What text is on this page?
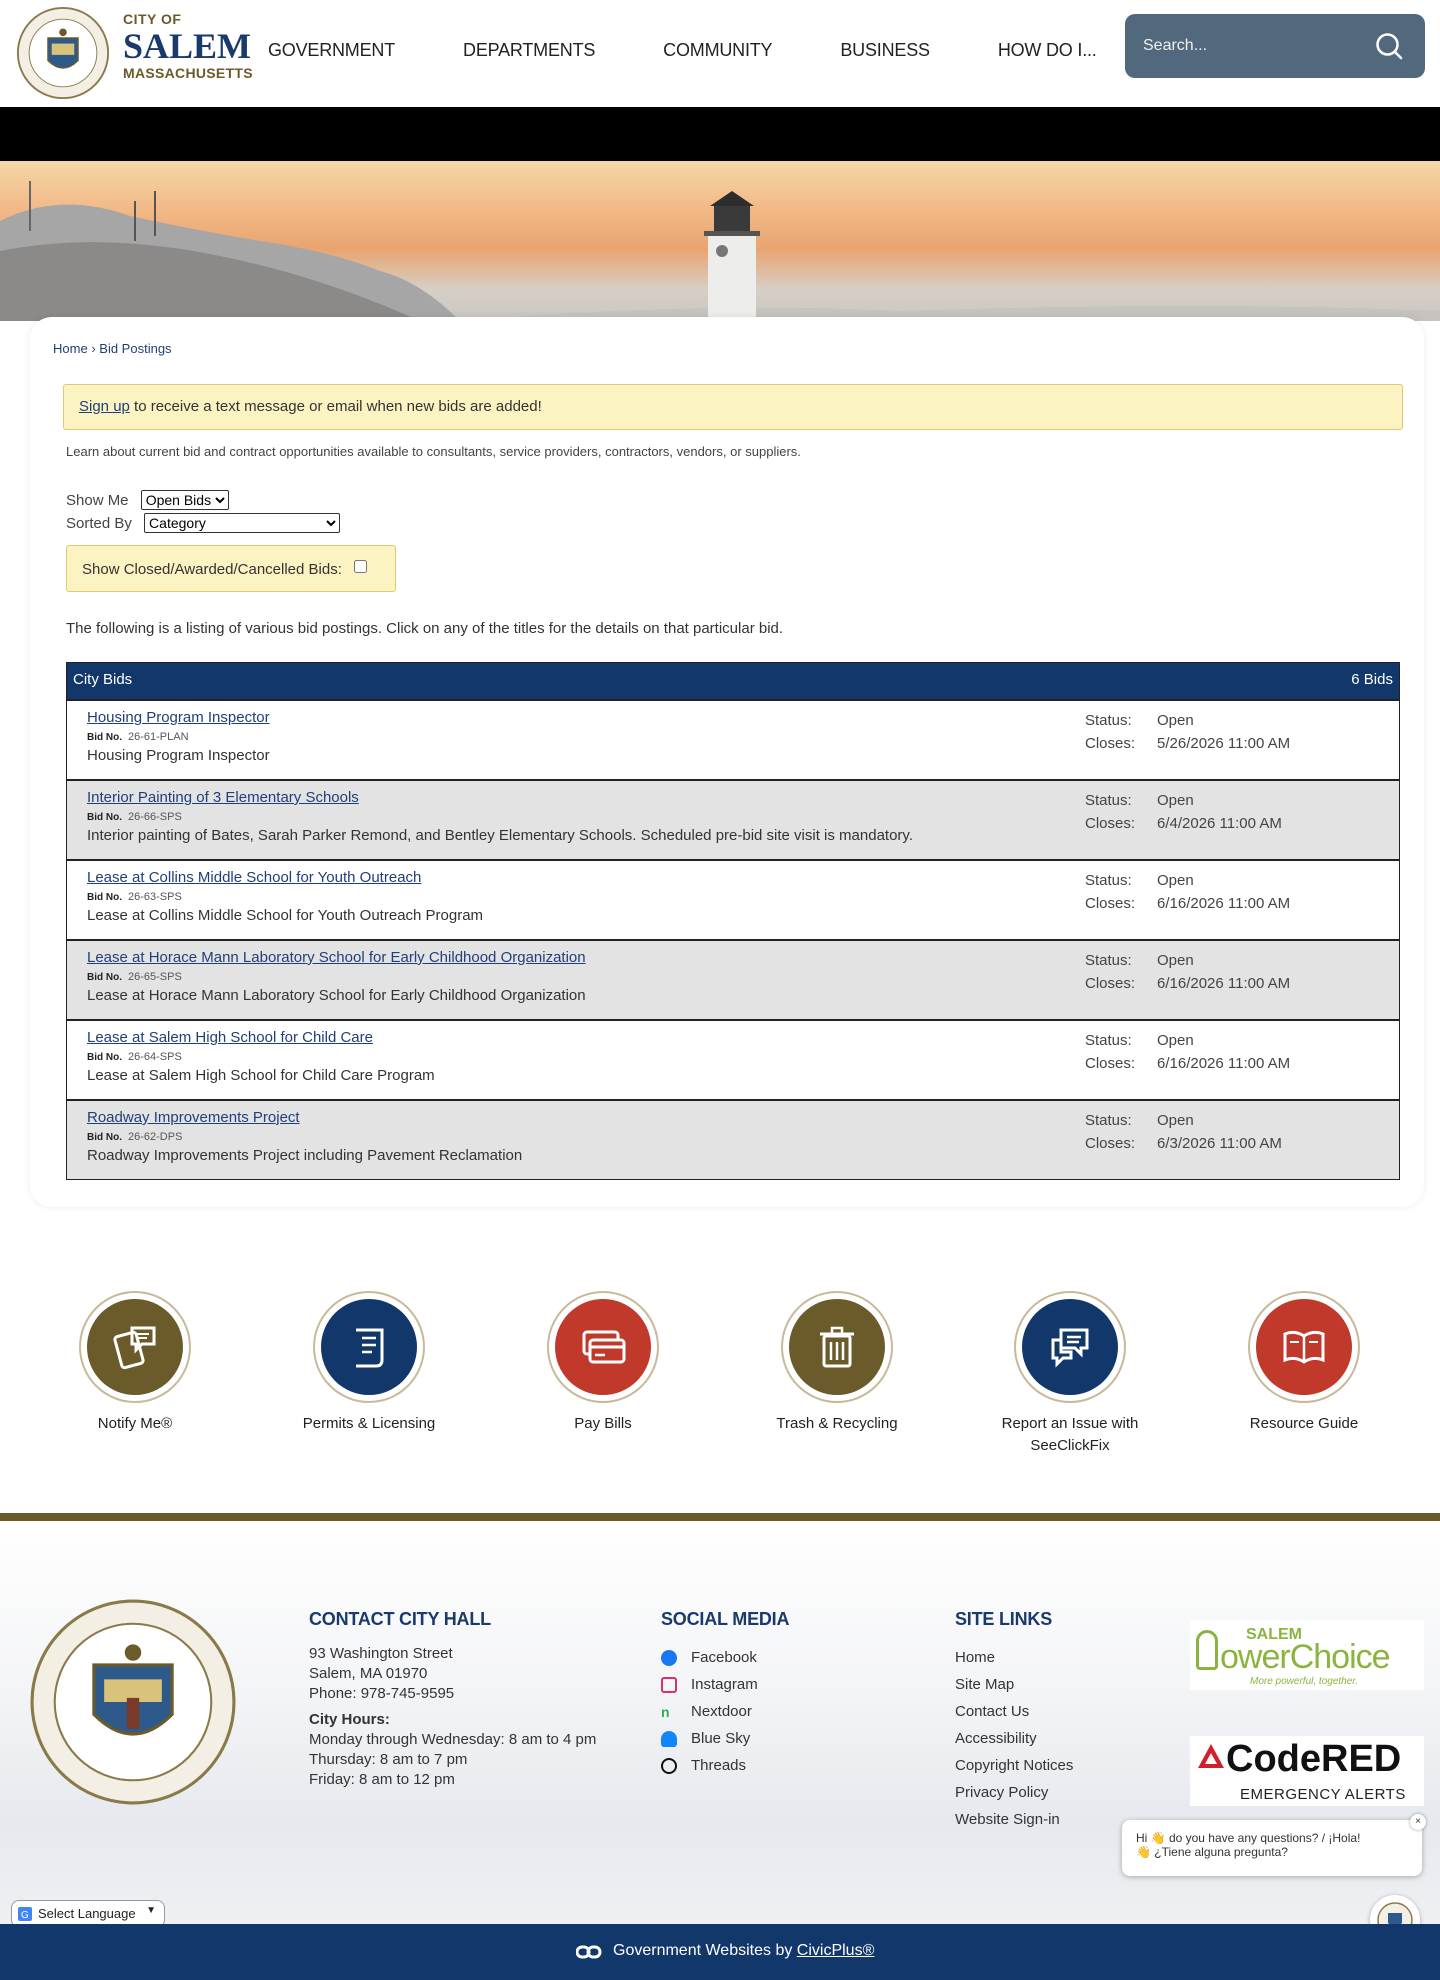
CITY OF
SALEM
MASSACHUSETTS
GOVERNMENT	DEPARTMENTS	COMMUNITY	BUSINESS	HOW DO I...
Search...
Home › Bid Postings
Sign up to receive a text message or email when new bids are added!
Learn about current bid and contract opportunities available to consultants, service providers, contractors, vendors, or suppliers.
Show Me
Open Bids
Sorted By
Category
Show Closed/Awarded/Cancelled Bids:
The following is a listing of various bid postings. Click on any of the titles for the details on that particular bid.
City Bids	6 Bids
Housing Program Inspector
Bid No. 26-61-PLAN
Housing Program Inspector
Status: Open
Closes: 5/26/2026 11:00 AM
Interior Painting of 3 Elementary Schools
Bid No. 26-66-SPS
Interior painting of Bates, Sarah Parker Remond, and Bentley Elementary Schools. Scheduled pre-bid site visit is mandatory.
Status: Open
Closes: 6/4/2026 11:00 AM
Lease at Collins Middle School for Youth Outreach
Bid No. 26-63-SPS
Lease at Collins Middle School for Youth Outreach Program
Status: Open
Closes: 6/16/2026 11:00 AM
Lease at Horace Mann Laboratory School for Early Childhood Organization
Bid No. 26-65-SPS
Lease at Horace Mann Laboratory School for Early Childhood Organization
Status: Open
Closes: 6/16/2026 11:00 AM
Lease at Salem High School for Child Care
Bid No. 26-64-SPS
Lease at Salem High School for Child Care Program
Status: Open
Closes: 6/16/2026 11:00 AM
Roadway Improvements Project
Bid No. 26-62-DPS
Roadway Improvements Project including Pavement Reclamation
Status: Open
Closes: 6/3/2026 11:00 AM
Notify Me®	Permits & Licensing	Pay Bills	Trash & Recycling	Report an Issue with
SeeClickFix
Resource Guide
CONTACT CITY HALL

93 Washington Street

Salem, MA 01970

Phone: 978-745-9595

City Hours:

Monday through Wednesday: 8 am to 4 pm

Thursday: 8 am to 7 pm

Friday: 8 am to 12 pm

SOCIAL MEDIA
Facebook
Instagram
n	Nextdoor
Blue Sky
Threads
SITE LINKS
Home
Site Map
Contact Us
Accessibility
Copyright Notices
Privacy Policy
Website Sign-in
SALEM
owerChoice
More powerful, together.
CodeRED
EMERGENCY ALERTS
Hi 👋 do you have any questions? / ¡Hola!
👋 ¿Tiene alguna pregunta?
×
G Select Language ▼
Government Websites by CivicPlus®
